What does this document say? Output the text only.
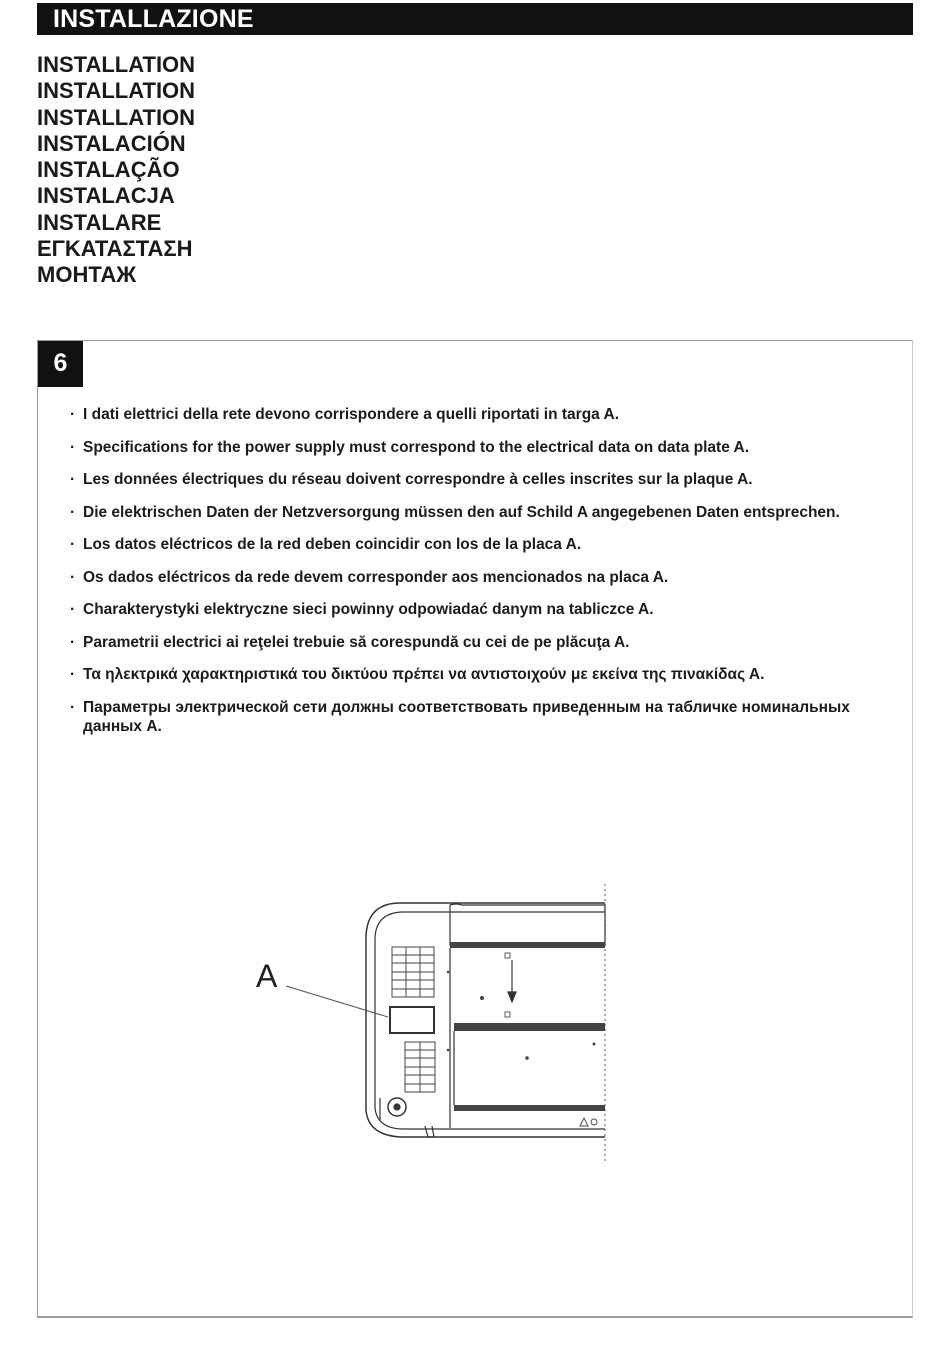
INSTALLAZIONE
INSTALLATION
INSTALLATION
INSTALLATION
INSTALACIÓN
INSTALAÇÃO
INSTALACJA
INSTALARE
ΕΓΚΑΤΑΣΤΑΣΗ
МОНТАЖ
6
· I dati elettrici della rete devono corrispondere a quelli riportati in targa A.
· Specifications for the power supply must correspond to the electrical data on data plate A.
· Les données électriques du réseau doivent correspondre à celles inscrites sur la plaque A.
· Die elektrischen Daten der Netzversorgung müssen den auf Schild A angegebenen Daten entsprechen.
· Los datos eléctricos de la red deben coincidir con los de la placa A.
· Os dados eléctricos da rede devem corresponder aos mencionados na placa A.
· Charakterystyki elektryczne sieci powinny odpowiadać danym na tabliczce A.
· Parametrii electrici ai reţelei trebuie să corespundă cu cei de pe plăcuţa A.
· Τα ηλεκτρικά χαρακτηριστικά του δικτύου πρέπει να αντιστοιχούν με εκείνα της πινακίδας Α.
· Параметры электрической сети должны соответствовать приведенным на табличке номинальных данных А.
A
